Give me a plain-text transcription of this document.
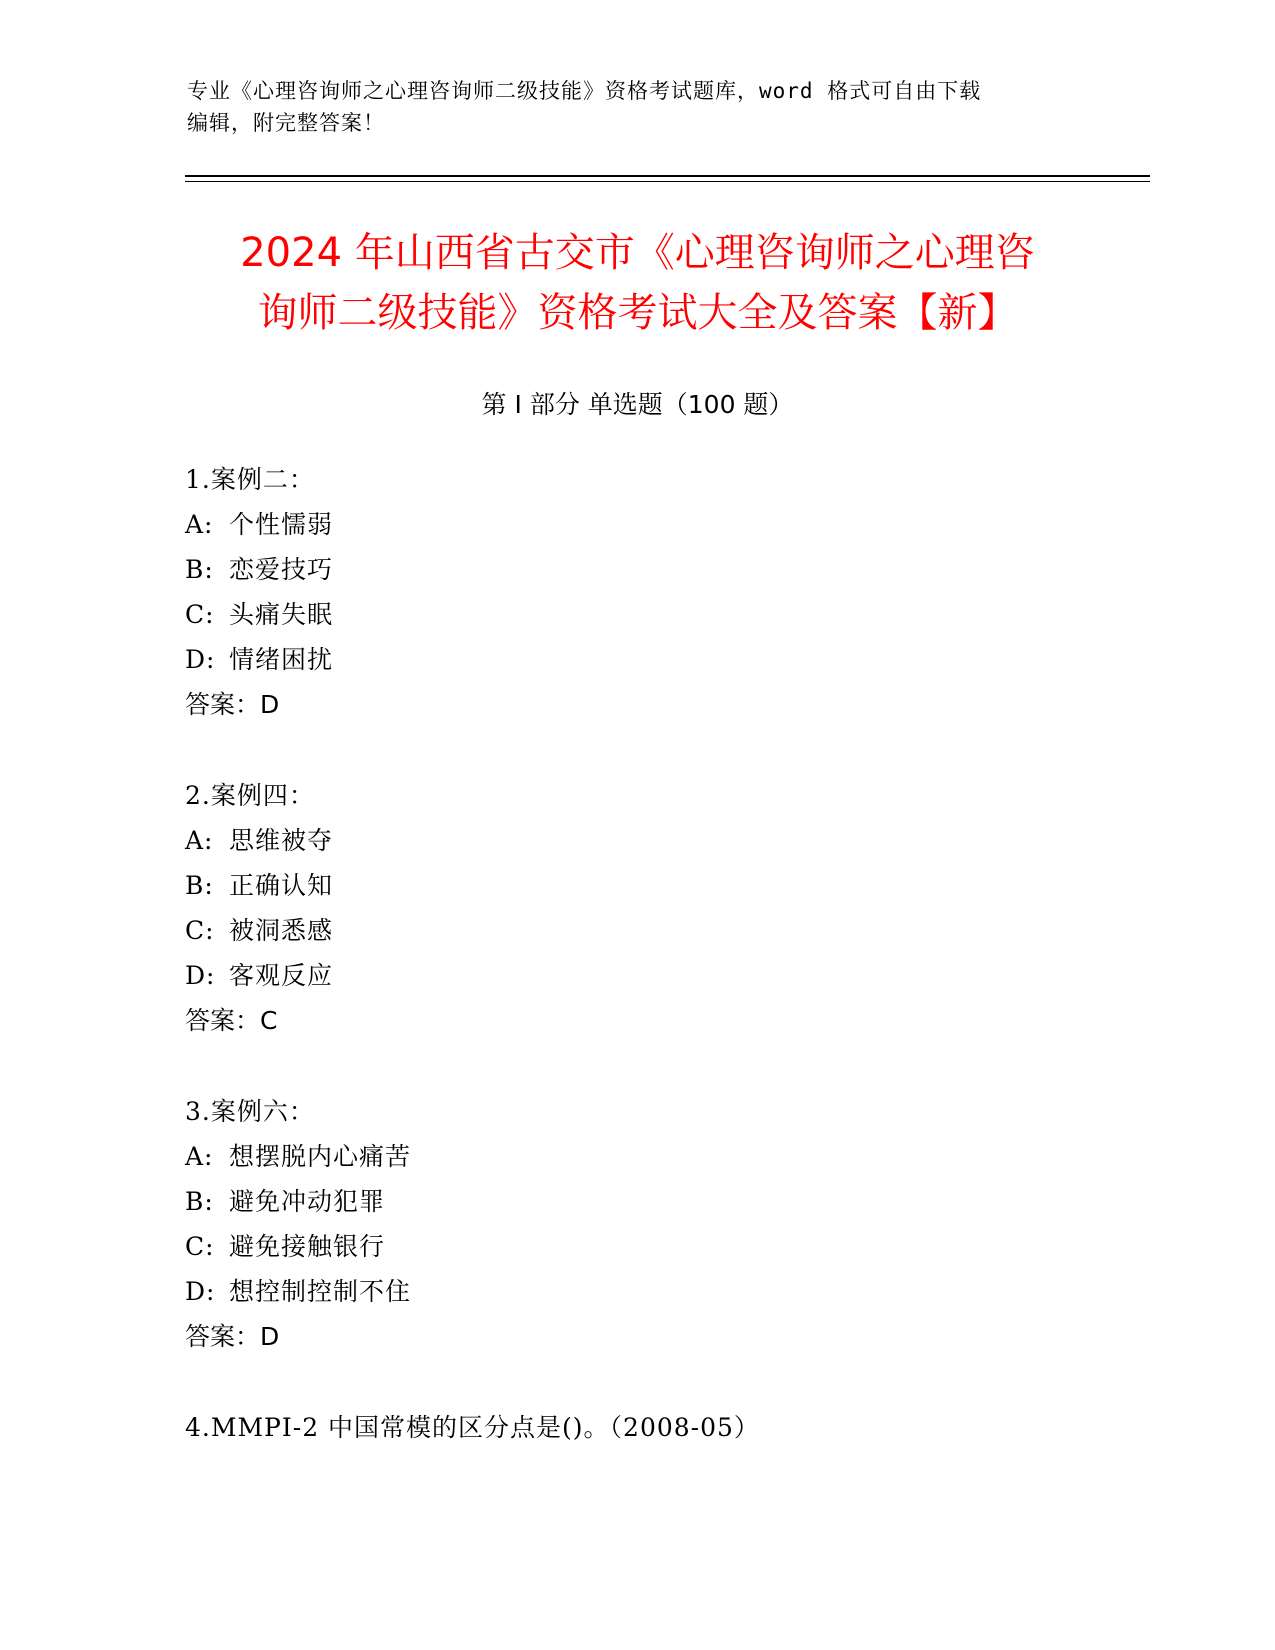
专业《心理咨询师之心理咨询师二级技能》资格考试题库，word 格式可自由下载
编辑，附完整答案！
2024 年山西省古交市《心理咨询师之心理咨
询师二级技能》资格考试大全及答案【新】
第 I 部分 单选题（100 题）
1.案例二：
A: 个性懦弱
B: 恋爱技巧
C: 头痛失眠
D: 情绪困扰
答案：D
2.案例四：
A: 思维被夺
B: 正确认知
C: 被洞悉感
D: 客观反应
答案：C
3.案例六：
A: 想摆脱内心痛苦
B: 避免冲动犯罪
C: 避免接触银行
D: 想控制控制不住
答案：D
4.MMPI-2 中国常模的区分点是()。（2008-05）
